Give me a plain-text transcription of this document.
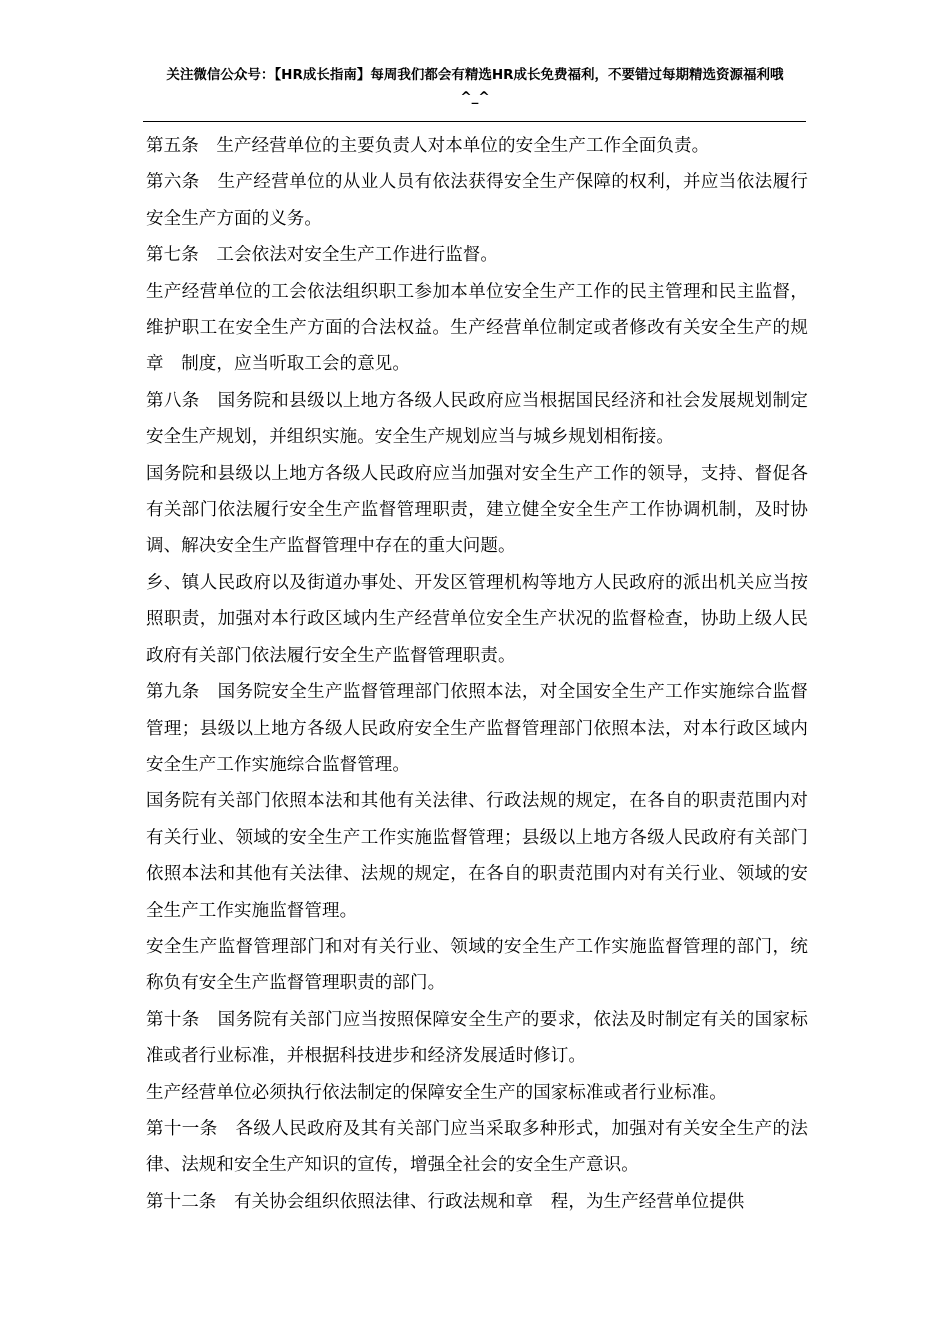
关注微信公众号：【HR成长指南】每周我们都会有精选HR成长免费福利，不要错过每期精选资源福利哦
^_^

第五条　生产经营单位的主要负责人对本单位的安全生产工作全面负责。

第六条　生产经营单位的从业人员有依法获得安全生产保障的权利，并应当依法履行安全生产方面的义务。

第七条　工会依法对安全生产工作进行监督。

生产经营单位的工会依法组织职工参加本单位安全生产工作的民主管理和民主监督，维护职工在安全生产方面的合法权益。生产经营单位制定或者修改有关安全生产的规章　制度，应当听取工会的意见。

第八条　国务院和县级以上地方各级人民政府应当根据国民经济和社会发展规划制定安全生产规划，并组织实施。安全生产规划应当与城乡规划相衔接。

国务院和县级以上地方各级人民政府应当加强对安全生产工作的领导，支持、督促各有关部门依法履行安全生产监督管理职责，建立健全安全生产工作协调机制，及时协调、解决安全生产监督管理中存在的重大问题。

乡、镇人民政府以及街道办事处、开发区管理机构等地方人民政府的派出机关应当按照职责，加强对本行政区域内生产经营单位安全生产状况的监督检查，协助上级人民政府有关部门依法履行安全生产监督管理职责。

第九条　国务院安全生产监督管理部门依照本法，对全国安全生产工作实施综合监督管理；县级以上地方各级人民政府安全生产监督管理部门依照本法，对本行政区域内安全生产工作实施综合监督管理。

国务院有关部门依照本法和其他有关法律、行政法规的规定，在各自的职责范围内对有关行业、领域的安全生产工作实施监督管理；县级以上地方各级人民政府有关部门依照本法和其他有关法律、法规的规定，在各自的职责范围内对有关行业、领域的安全生产工作实施监督管理。

安全生产监督管理部门和对有关行业、领域的安全生产工作实施监督管理的部门，统称负有安全生产监督管理职责的部门。

第十条　国务院有关部门应当按照保障安全生产的要求，依法及时制定有关的国家标准或者行业标准，并根据科技进步和经济发展适时修订。

生产经营单位必须执行依法制定的保障安全生产的国家标准或者行业标准。

第十一条　各级人民政府及其有关部门应当采取多种形式，加强对有关安全生产的法律、法规和安全生产知识的宣传，增强全社会的安全生产意识。

第十二条　有关协会组织依照法律、行政法规和章　程，为生产经营单位提供
